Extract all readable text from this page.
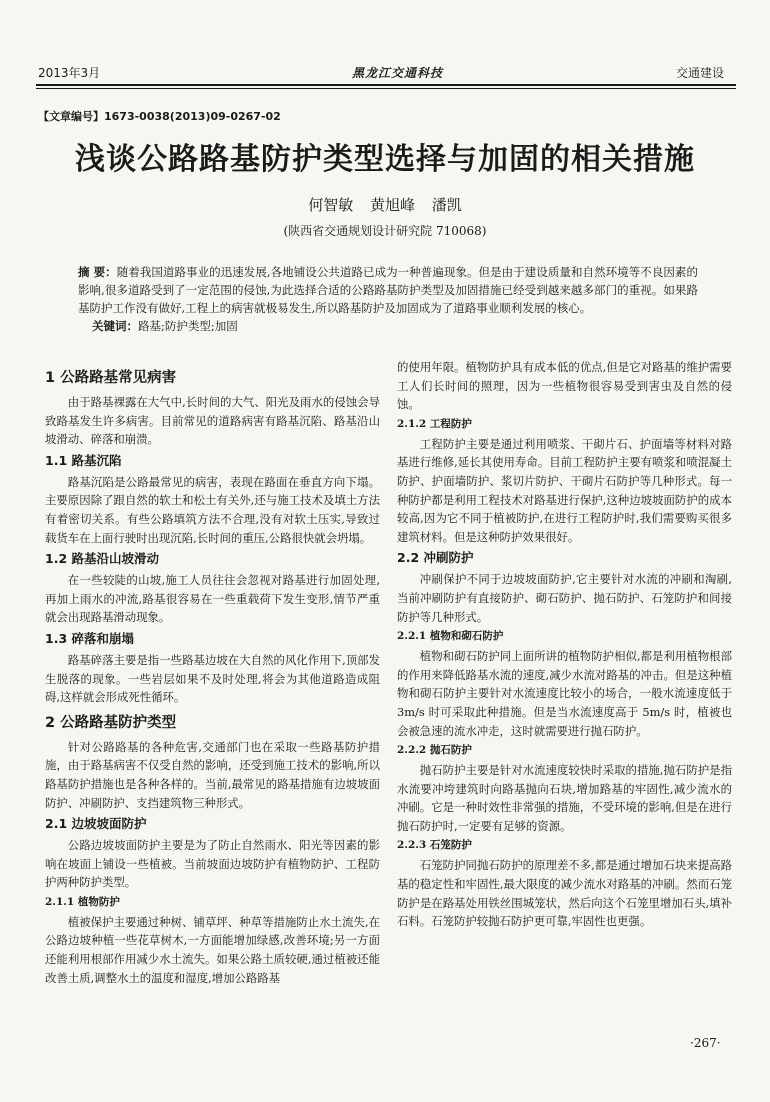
2013年3月	黑龙江交通科技	交通建设
【文章编号】1673-0038(2013)09-0267-02
浅谈公路路基防护类型选择与加固的相关措施
何智敏 黄旭峰 潘凯
(陕西省交通规划设计研究院 710068)
摘 要：随着我国道路事业的迅速发展,各地铺设公共道路已成为一种普遍现象。但是由于建设质量和自然环境等不良因素的影响,很多道路受到了一定范围的侵蚀,为此选择合适的公路路基防护类型及加固措施已经受到越来越多部门的重视。如果路基防护工作没有做好,工程上的病害就极易发生,所以路基防护及加固成为了道路事业顺利发展的核心。
关键词：路基;防护类型;加固
1 公路路基常见病害

由于路基裸露在大气中,长时间的大气、阳光及雨水的侵蚀会导致路基发生许多病害。目前常见的道路病害有路基沉陷、路基沿山坡滑动、碎落和崩溃。

1.1 路基沉陷

路基沉陷是公路最常见的病害，表现在路面在垂直方向下塌。主要原因除了跟自然的软土和松土有关外,还与施工技术及填土方法有着密切关系。有些公路填筑方法不合理,没有对软土压实,导致过载货车在上面行驶时出现沉陷,长时间的重压,公路很快就会坍塌。

1.2 路基沿山坡滑动

在一些较陡的山坡,施工人员往往会忽视对路基进行加固处理,再加上雨水的冲流,路基很容易在一些重载荷下发生变形,情节严重就会出现路基滑动现象。

1.3 碎落和崩塌

路基碎落主要是指一些路基边坡在大自然的风化作用下,顶部发生脱落的现象。一些岩层如果不及时处理,将会为其他道路造成阻碍,这样就会形成死性循环。

2 公路路基防护类型

针对公路路基的各种危害,交通部门也在采取一些路基防护措施，由于路基病害不仅受自然的影响，还受到施工技术的影响,所以路基防护措施也是各种各样的。当前,最常见的路基措施有边坡坡面防护、冲刷防护、支挡建筑物三种形式。

2.1 边坡坡面防护

公路边坡坡面防护主要是为了防止自然雨水、阳光等因素的影响在坡面上铺设一些植被。当前坡面边坡防护有植物防护、工程防护两种防护类型。

2.1.1 植物防护

植被保护主要通过种树、铺草坪、种草等措施防止水土流失,在公路边坡种植一些花草树木,一方面能增加绿感,改善环境;另一方面还能利用根部作用减少水土流失。如果公路土质较硬,通过植被还能改善土质,调整水土的温度和湿度,增加公路路基

的使用年限。植物防护具有成本低的优点,但是它对路基的维护需要工人们长时间的照理，因为一些植物很容易受到害虫及自然的侵蚀。

2.1.2 工程防护

工程防护主要是通过利用喷浆、干砌片石、护面墙等材料对路基进行维修,延长其使用寿命。目前工程防护主要有喷浆和喷混凝土防护、护面墙防护、浆切片防护、干砌片石防护等几种形式。每一种防护都是利用工程技术对路基进行保护,这种边坡坡面防护的成本较高,因为它不同于植被防护,在进行工程防护时,我们需要购买很多建筑材料。但是这种防护效果很好。

2.2 冲刷防护

冲刷保护不同于边坡坡面防护,它主要针对水流的冲刷和淘刷,当前冲刷防护有直接防护、砌石防护、抛石防护、石笼防护和间接防护等几种形式。

2.2.1 植物和砌石防护

植物和砌石防护同上面所讲的植物防护相似,都是利用植物根部的作用来降低路基水流的速度,减少水流对路基的冲击。但是这种植物和砌石防护主要针对水流速度比较小的场合，一般水流速度低于 3m/s 时可采取此种措施。但是当水流速度高于 5m/s 时，植被也会被急速的流水冲走，这时就需要进行抛石防护。

2.2.2 抛石防护

抛石防护主要是针对水流速度较快时采取的措施,抛石防护是指水流要冲垮建筑时向路基抛向石块,增加路基的牢固性,减少流水的冲刷。它是一种时效性非常强的措施，不受环境的影响,但是在进行抛石防护时,一定要有足够的资源。

2.2.3 石笼防护

石笼防护同抛石防护的原理差不多,都是通过增加石块来提高路基的稳定性和牢固性,最大限度的减少流水对路基的冲刷。然而石笼防护是在路基处用铁丝围城笼状，然后向这个石笼里增加石头,填补石料。石笼防护较抛石防护更可靠,牢固性也更强。

·267·
